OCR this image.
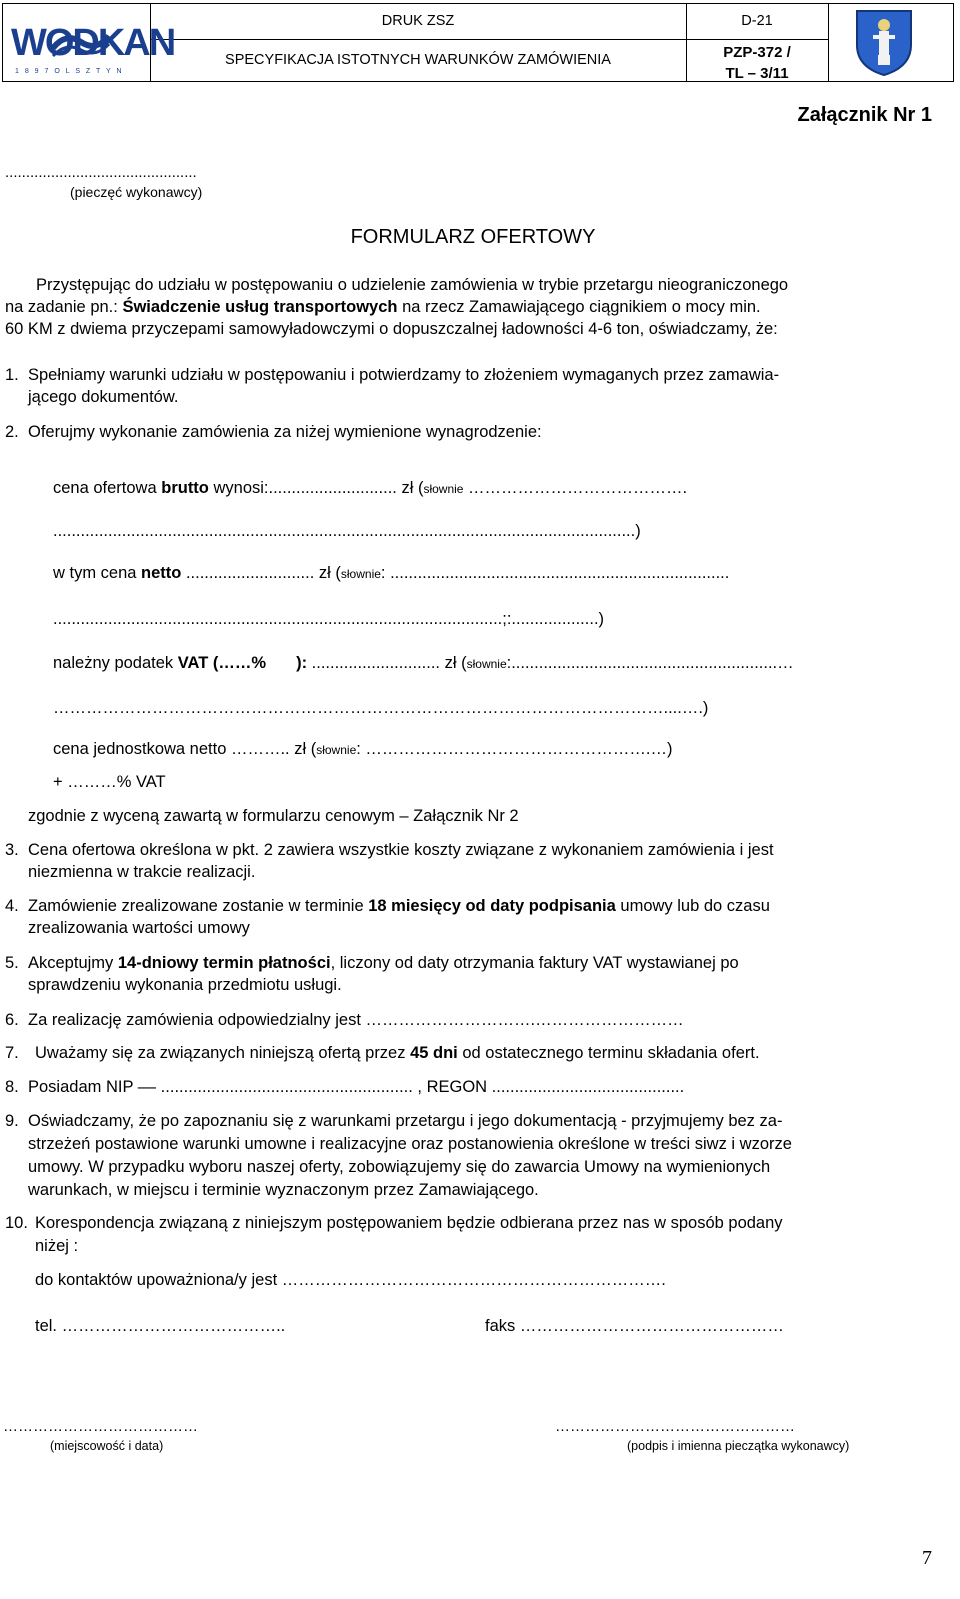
WODKAN
1 8 9 7 O L S Z T Y N
DRUK ZSZ	D-21
SPECYFIKACJA ISTOTNYCH WARUNKÓW ZAMÓWIENIA	PZP-372 /
TL – 3/11
Załącznik Nr 1
..............................................
(pieczęć wykonawcy)
FORMULARZ OFERTOWY
Przystępując do udziału w postępowaniu o udzielenie zamówienia w trybie przetargu nieograniczonego
na zadanie pn.: Świadczenie usług transportowych na rzecz Zamawiającego ciągnikiem o mocy min.
60 KM z dwiema przyczepami samowyładowczymi o dopuszczalnej ładowności 4-6 ton, oświadczamy, że:
1. Spełniamy warunki udziału w postępowaniu i potwierdzamy to złożeniem wymaganych przez zamawia-
jącego dokumentów.
2. Oferujmy wykonanie zamówienia za niżej wymienione wynagrodzenie:
cena ofertowa brutto wynosi:............................ zł (słownie ………………………………….
...............................................................................................................................)
w tym cena netto ............................ zł (słownie: ..........................................................................
..................................................................................................;:...................)
należny podatek VAT (……% ): ............................ zł (słownie:..........................................................…
…………………………………………………………………………………………………....….)
cena jednostkowa netto ……….. zł (słownie: …………………………………………….…)
+ ………% VAT
zgodnie z wyceną zawartą w formularzu cenowym – Załącznik Nr 2
3. Cena ofertowa określona w pkt. 2 zawiera wszystkie koszty związane z wykonaniem zamówienia i jest
niezmienna w trakcie realizacji.
4. Zamówienie zrealizowane zostanie w terminie 18 miesięcy od daty podpisania umowy lub do czasu
zrealizowania wartości umowy
5. Akceptujmy 14-dniowy termin płatności, liczony od daty otrzymania faktury VAT wystawianej po
sprawdzeniu wykonania przedmiotu usługi.
6. Za realizację zamówienia odpowiedzialny jest ………………………….………………………
7. Uważamy się za związanych niniejszą ofertą przez 45 dni od ostatecznego terminu składania ofert.
8. Posiadam NIP –– ....................................................... , REGON ..........................................
9. Oświadczamy, że po zapoznaniu się z warunkami przetargu i jego dokumentacją - przyjmujemy bez za-
strzeżeń postawione warunki umowne i realizacyjne oraz postanowienia określone w treści siwz i wzorze
umowy. W przypadku wyboru naszej oferty, zobowiązujemy się do zawarcia Umowy na wymienionych
warunkach, w miejscu i terminie wyznaczonym przez Zamawiającego.
10. Korespondencja związaną z niniejszym postępowaniem będzie odbierana przez nas w sposób podany
niżej :
do kontaktów upoważniona/y jest …………………………………………………………….
tel. …………………………………..	faks …………………………………………
…………………………………
(miejscowość i data)
…………………………………………
(podpis i imienna pieczątka wykonawcy)
7
